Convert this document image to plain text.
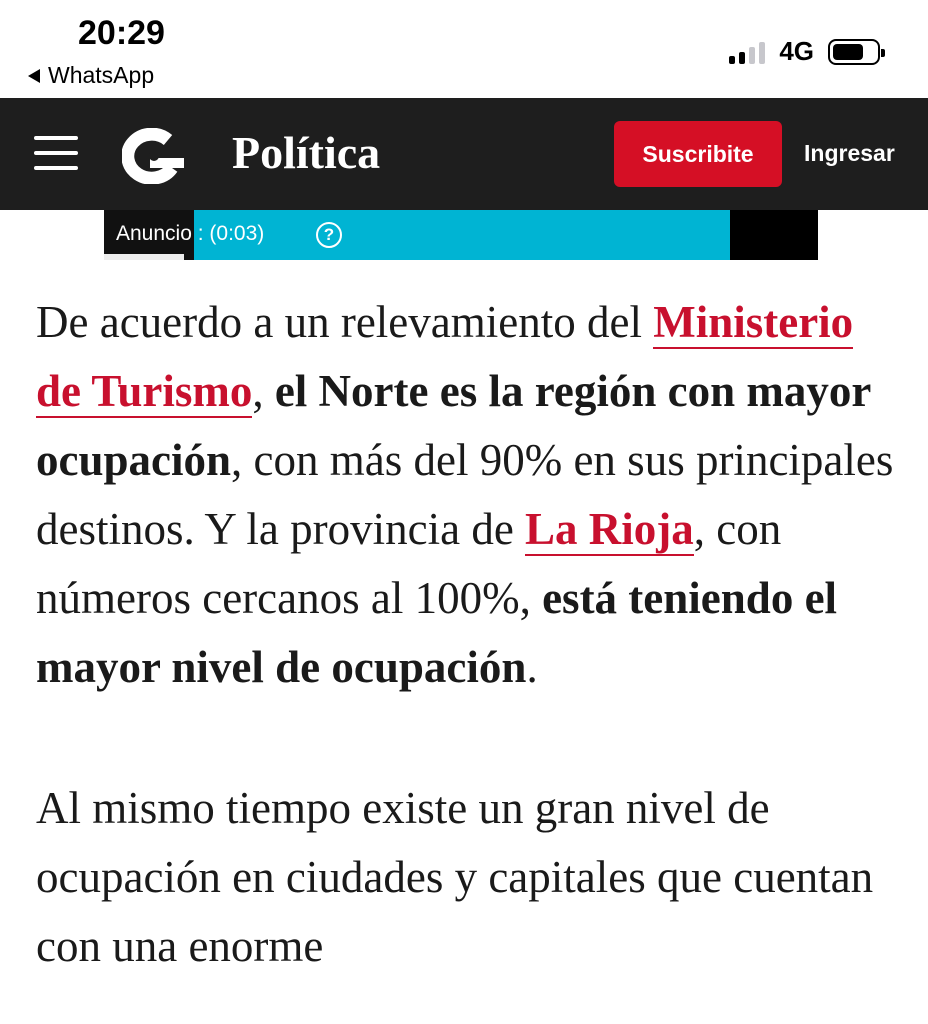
20:29
WhatsApp
4G
Política	Suscribite	Ingresar
Anuncio : (0:03)	?

De acuerdo a un relevamiento del Ministerio de Turismo, el Norte es la región con mayor ocupación, con más del 90% en sus principales destinos. Y la provincia de La Rioja, con números cercanos al 100%, está teniendo el mayor nivel de ocupación.

Al mismo tiempo existe un gran nivel de ocupación en ciudades y capitales que cuentan con una enorme
